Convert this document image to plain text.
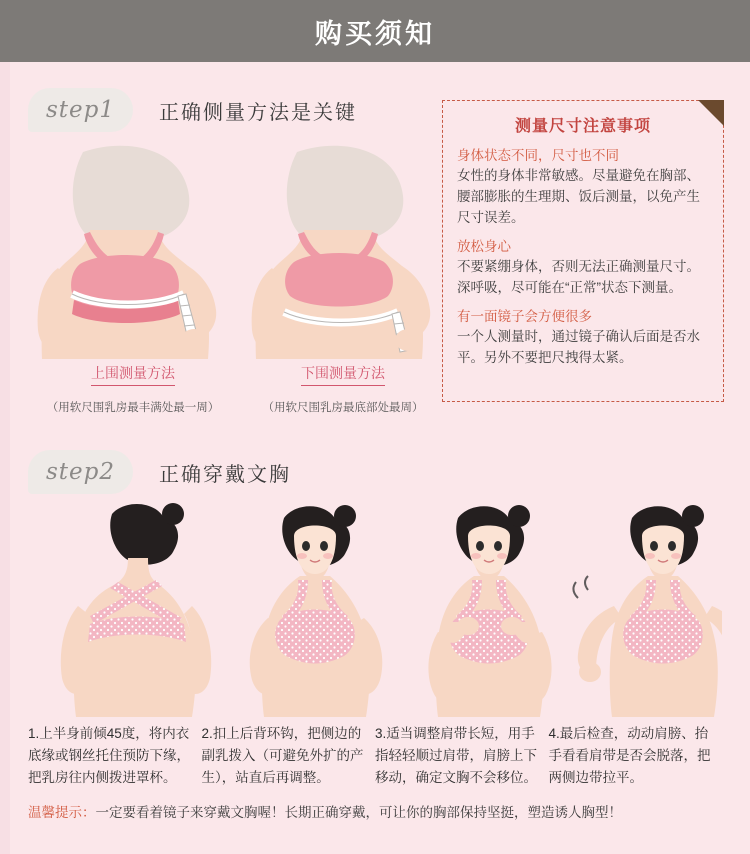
购买须知
step1	正确侧量方法是关键
上围测量方法
（用软尺围乳房最丰满处最一周）
下围测量方法
（用软尺围乳房最底部处最周）
测量尺寸注意事项
身体状态不同，尺寸也不同
女性的身体非常敏感。尽量避免在胸部、腰部膨胀的生理期、饭后测量，以免产生尺寸误差。
放松身心
不要紧绷身体，否则无法正确测量尺寸。深呼吸，尽可能在“正常”状态下测量。
有一面镜子会方便很多
一个人测量时，通过镜子确认后面是否水平。另外不要把尺拽得太紧。
step2	正确穿戴文胸
1.上半身前倾45度，将内衣底缘或钢丝托住预防下缘，把乳房往内侧拨进罩杯。
2.扣上后背环钩，把侧边的副乳拨入（可避免外扩的产生），站直后再调整。
3.适当调整肩带长短，用手指轻轻顺过肩带，肩膀上下移动，确定文胸不会移位。
4.最后检查，动动肩膀、抬手看看肩带是否会脱落，把两侧边带拉平。
温馨提示：一定要看着镜子来穿戴文胸喔！长期正确穿戴，可让你的胸部保持坚挺，塑造诱人胸型！
